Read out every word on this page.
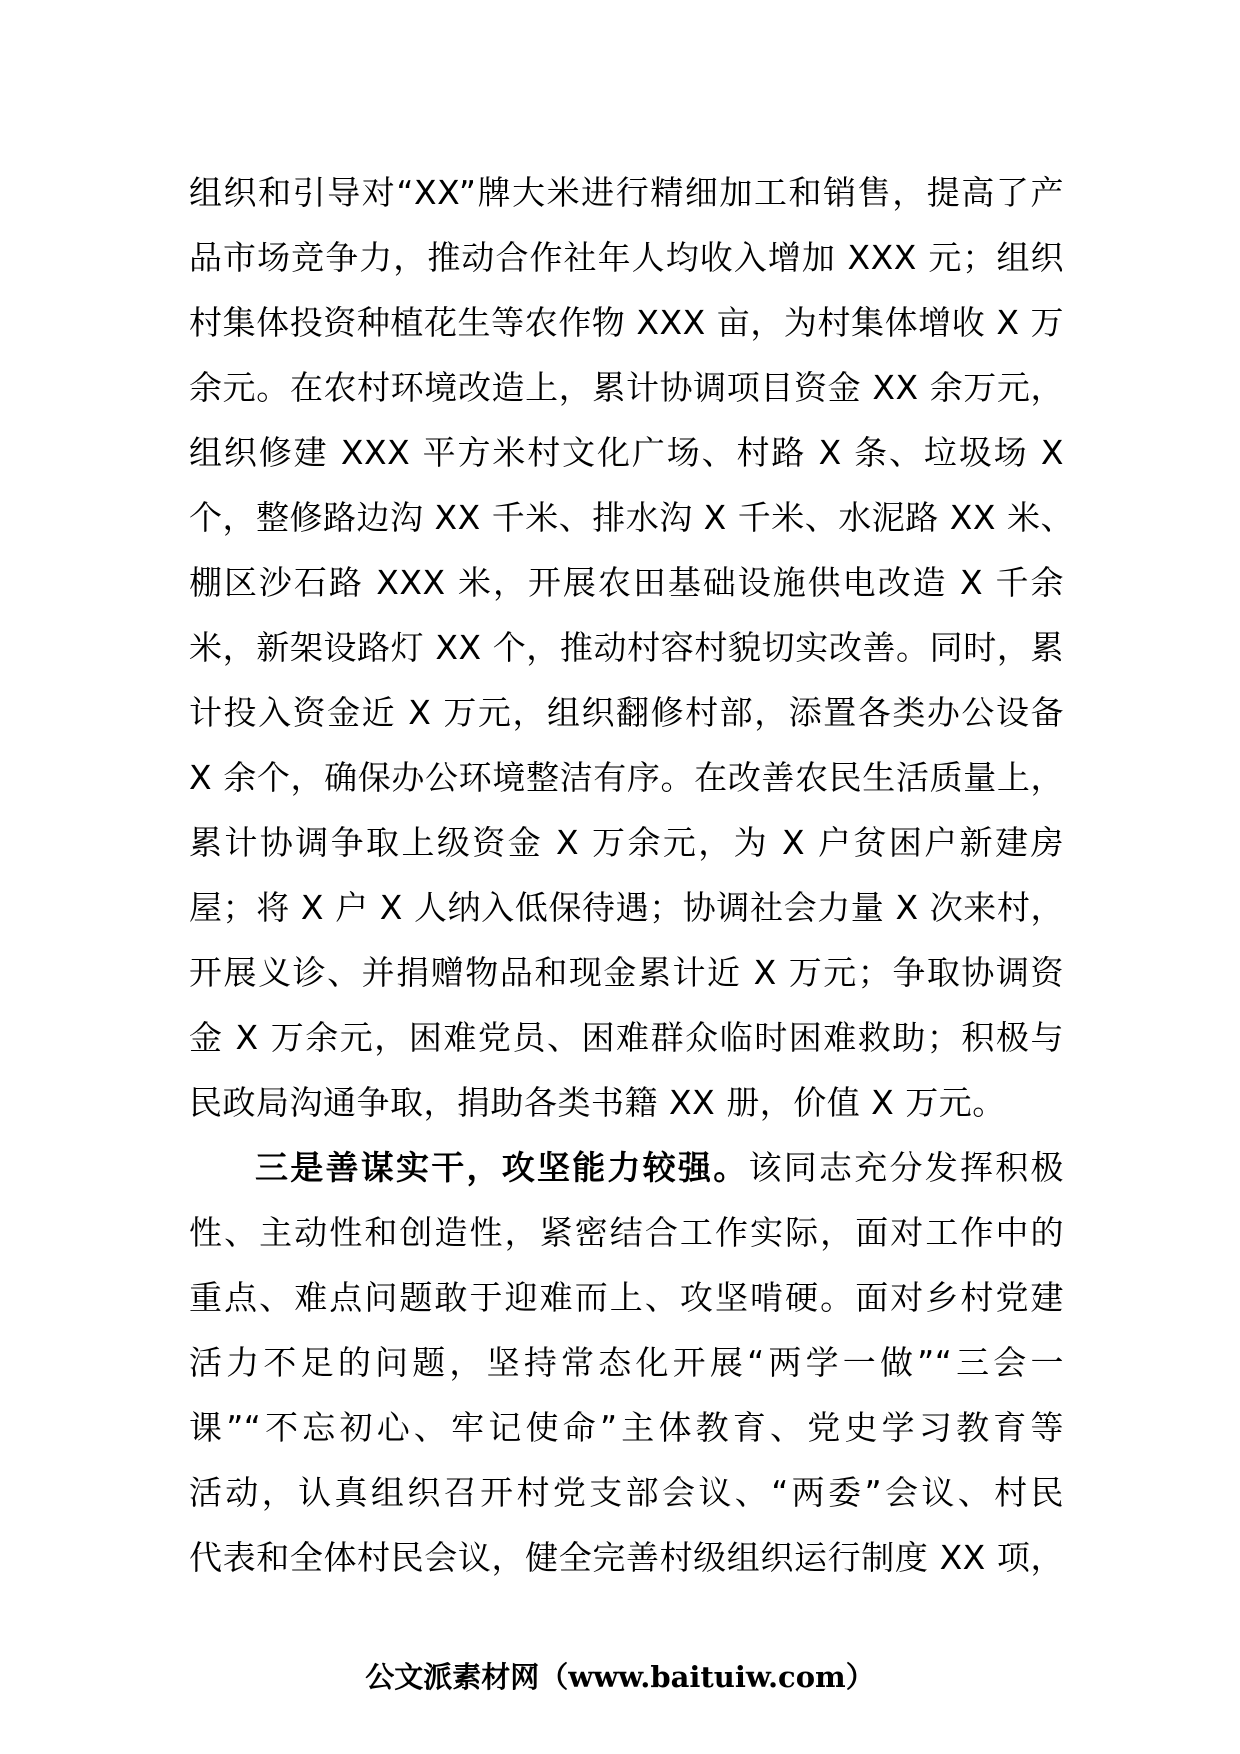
组织和引导对“XX”牌大米进行精细加工和销售，提高了产
品市场竞争力，推动合作社年人均收入增加 XXX 元；组织
村集体投资种植花生等农作物 XXX 亩，为村集体增收 X 万
余元。在农村环境改造上，累计协调项目资金 XX 余万元，
组织修建 XXX 平方米村文化广场、村路 X 条、垃圾场 X
个，整修路边沟 XX 千米、排水沟 X 千米、水泥路 XX 米、
棚区沙石路 XXX 米，开展农田基础设施供电改造 X 千余
米，新架设路灯 XX 个，推动村容村貌切实改善。同时，累
计投入资金近 X 万元，组织翻修村部，添置各类办公设备
X 余个，确保办公环境整洁有序。在改善农民生活质量上，
累计协调争取上级资金 X 万余元，为 X 户贫困户新建房
屋；将 X 户 X 人纳入低保待遇；协调社会力量 X 次来村，
开展义诊、并捐赠物品和现金累计近 X 万元；争取协调资
金 X 万余元，困难党员、困难群众临时困难救助；积极与
民政局沟通争取，捐助各类书籍 XX 册，价值 X 万元。
三是善谋实干，攻坚能力较强。该同志充分发挥积极
性、主动性和创造性，紧密结合工作实际，面对工作中的
重点、难点问题敢于迎难而上、攻坚啃硬。面对乡村党建
活力不足的问题，坚持常态化开展“两学一做”“三会一
课”“不忘初心、牢记使命”主体教育、党史学习教育等
活动，认真组织召开村党支部会议、“两委”会议、村民
代表和全体村民会议，健全完善村级组织运行制度 XX 项，
公文派素材网（www.baituiw.com）
